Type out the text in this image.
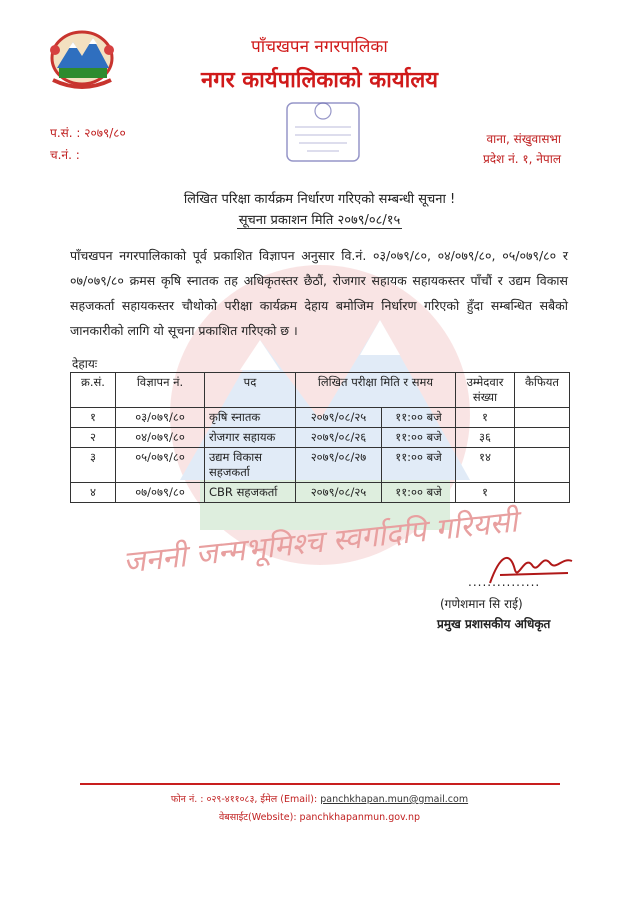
जननी जन्मभूमिश्च स्वर्गादपि गरियसी
पाँचखपन नगरपालिका
नगर कार्यपालिकाको कार्यालय
प.सं. : २०७९/८०
च.नं. :
वाना, संखुवासभा
प्रदेश नं. १, नेपाल
लिखित परिक्षा कार्यक्रम निर्धारण गरिएको सम्बन्धी सूचना !
सूचना प्रकाशन मिति २०७९/०८/१५
पाँचखपन नगरपालिकाको पूर्व प्रकाशित विज्ञापन अनुसार वि.नं. ०३/०७९/८०, ०४/०७९/८०, ०५/०७९/८० र ०७/०७९/८० क्रमस कृषि स्नातक तह अधिकृतस्तर छैठौं, रोजगार सहायक सहायकस्तर पाँचौं र उद्यम विकास सहजकर्ता सहायकस्तर चौथोको परीक्षा कार्यक्रम देहाय बमोजिम निर्धारण गरिएको हुँदा सम्बन्धित सबैको जानकारीको लागि यो सूचना प्रकाशित गरिएको छ ।
देहायः
क्र.सं.	विज्ञापन नं.	पद	लिखित परीक्षा मिति र समय		उम्मेदवार संख्या	कैफियत
१	०३/०७९/८०	कृषि स्नातक	२०७९/०८/२५	११:०० बजे	१	
२	०४/०७९/८०	रोजगार सहायक	२०७९/०८/२६	११:०० बजे	३६	
३	०५/०७९/८०	उद्यम विकास सहजकर्ता	२०७९/०८/२७	११:०० बजे	१४	
४	०७/०७९/८०	CBR सहजकर्ता	२०७९/०८/२५	११:०० बजे	१	
...............
(गणेशमान सि राई)
प्रमुख प्रशासकीय अधिकृत
फोन नं. : ०२९-४११०८३, ईमेल (Email): panchkhapan.mun@gmail.com
वेबसाईट(Website): panchkhapanmun.gov.np
